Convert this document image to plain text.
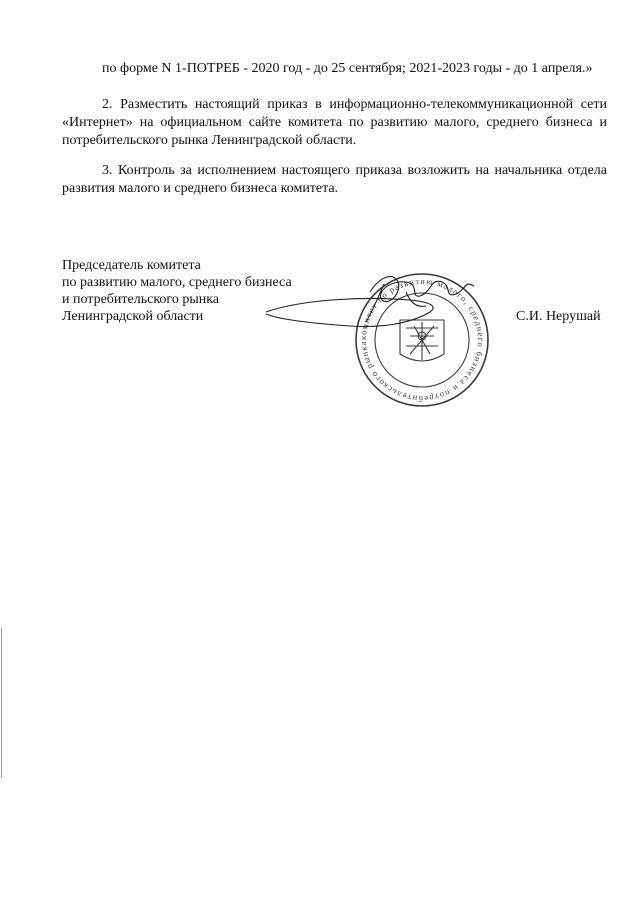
по форме N 1-ПОТРЕБ - 2020 год - до 25 сентября; 2021-2023 годы - до 1 апреля.»

2. Разместить настоящий приказ в информационно-телекоммуникационной сети «Интернет» на официальном сайте комитета по развитию малого, среднего бизнеса и потребительского рынка Ленинградской области.

3. Контроль за исполнением настоящего приказа возложить на начальника отдела развития малого и среднего бизнеса комитета.

Председатель комитета
по развитию малого, среднего бизнеса
и потребительского рынка
Ленинградской области
комитет по развитию малого, среднего бизнеса и потребительского рынка Ленинградской области
С.И. Нерушай
